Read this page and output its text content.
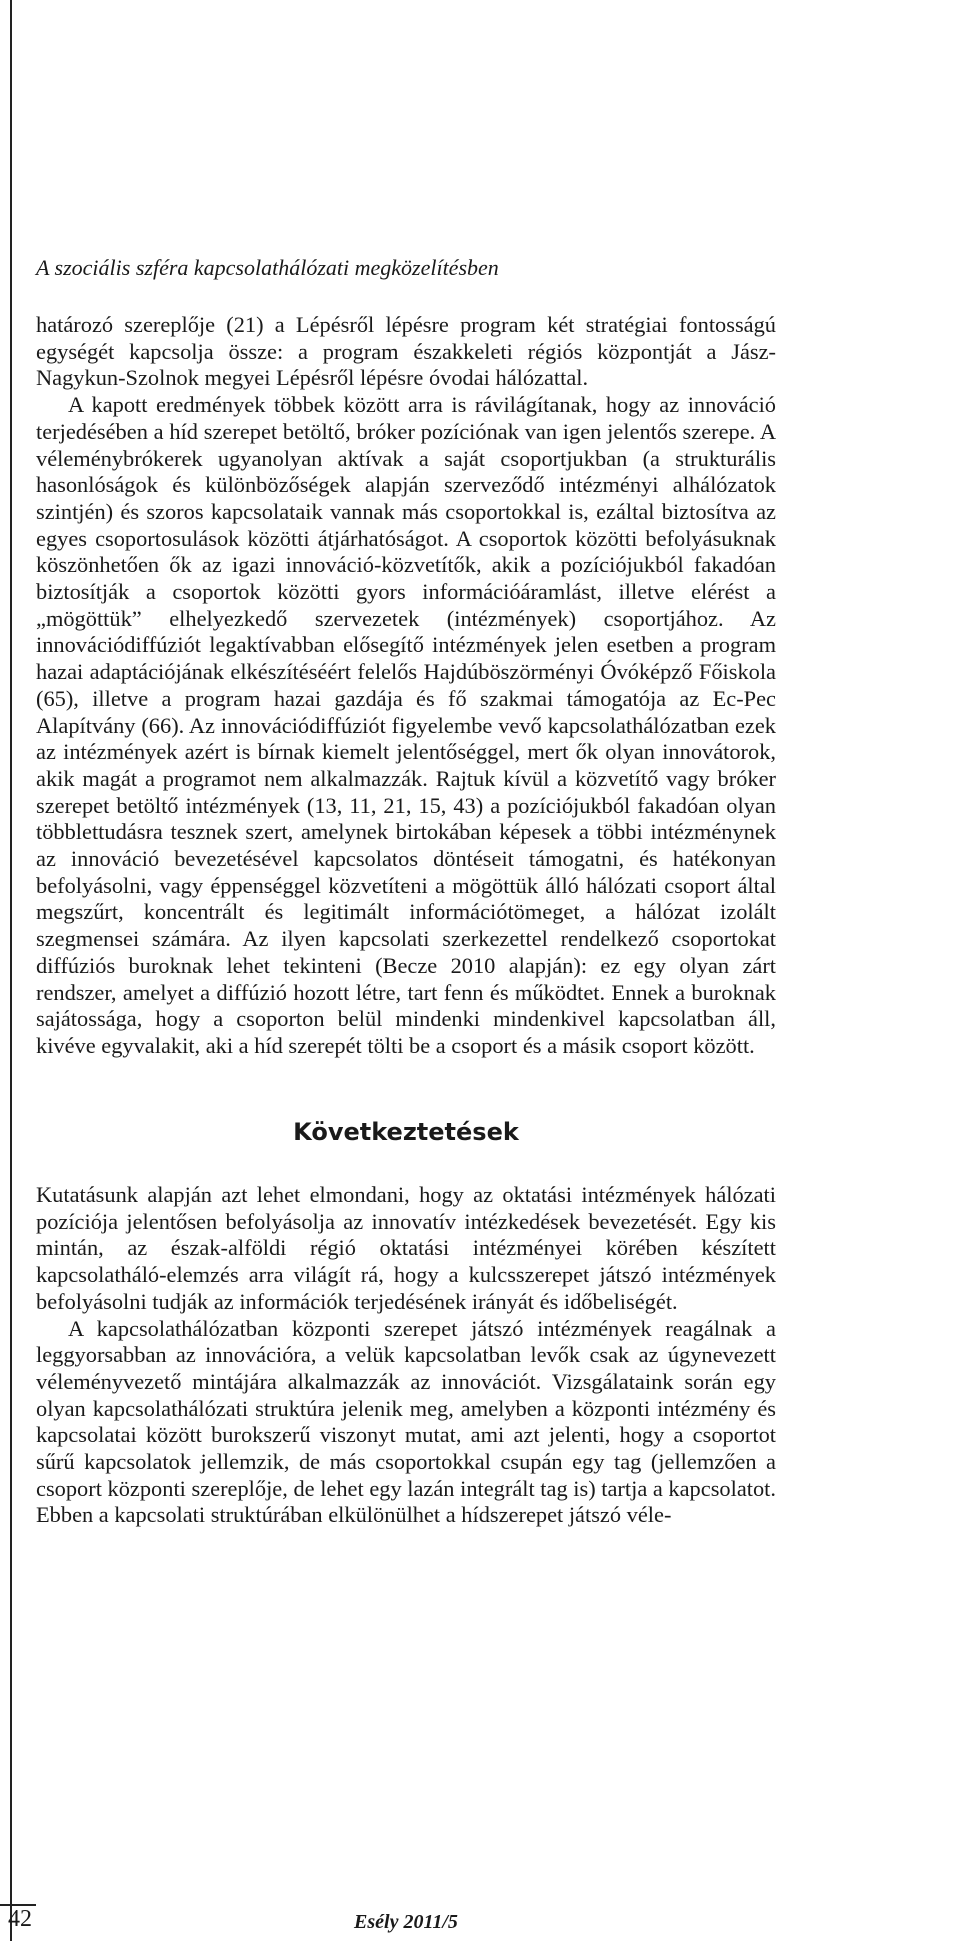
A szociális szféra kapcsolathálózati megközelítésben

határozó szereplője (21) a Lépésről lépésre program két stratégiai fontosságú egységét kapcsolja össze: a program északkeleti régiós központját a Jász-Nagykun-Szolnok megyei Lépésről lépésre óvodai hálózattal.

A kapott eredmények többek között arra is rávilágítanak, hogy az innováció terjedésében a híd szerepet betöltő, bróker pozíciónak van igen jelentős szerepe. A véleménybrókerek ugyanolyan aktívak a saját csoportjukban (a strukturális hasonlóságok és különbözőségek alapján szerveződő intézményi alhálózatok szintjén) és szoros kapcsolataik vannak más csoportokkal is, ezáltal biztosítva az egyes csoportosulások közötti átjárhatóságot. A csoportok közötti befolyásuknak köszönhetően ők az igazi innováció-közvetítők, akik a pozíciójukból fakadóan biztosítják a csoportok közötti gyors információáramlást, illetve elérést a „mögöttük” elhelyezkedő szervezetek (intézmények) csoportjához. Az innovációdiffúziót legaktívabban elősegítő intézmények jelen esetben a program hazai adaptációjának elkészítéséért felelős Hajdúböszörményi Óvóképző Főiskola (65), illetve a program hazai gazdája és fő szakmai támogatója az Ec-Pec Alapítvány (66). Az innovációdiffúziót figyelembe vevő kapcsolathálózatban ezek az intézmények azért is bírnak kiemelt jelentőséggel, mert ők olyan innovátorok, akik magát a programot nem alkalmazzák. Rajtuk kívül a közvetítő vagy bróker szerepet betöltő intézmények (13, 11, 21, 15, 43) a pozíciójukból fakadóan olyan többlettudásra tesznek szert, amelynek birtokában képesek a többi intézménynek az innováció bevezetésével kapcsolatos döntéseit támogatni, és hatékonyan befolyásolni, vagy éppenséggel közvetíteni a mögöttük álló hálózati csoport által megszűrt, koncentrált és legitimált információtömeget, a hálózat izolált szegmensei számára. Az ilyen kapcsolati szerkezettel rendelkező csoportokat diffúziós buroknak lehet tekinteni (Becze 2010 alapján): ez egy olyan zárt rendszer, amelyet a diffúzió hozott létre, tart fenn és működtet. Ennek a buroknak sajátossága, hogy a csoporton belül mindenki mindenkivel kapcsolatban áll, kivéve egyvalakit, aki a híd szerepét tölti be a csoport és a másik csoport között.

Következtetések

Kutatásunk alapján azt lehet elmondani, hogy az oktatási intézmények hálózati pozíciója jelentősen befolyásolja az innovatív intézkedések bevezetését. Egy kis mintán, az észak-alföldi régió oktatási intézményei körében készített kapcsolatháló-elemzés arra világít rá, hogy a kulcsszerepet játszó intézmények befolyásolni tudják az információk terjedésének irányát és időbeliségét.

A kapcsolathálózatban központi szerepet játszó intézmények reagálnak a leggyorsabban az innovációra, a velük kapcsolatban levők csak az úgynevezett véleményvezető mintájára alkalmazzák az innovációt. Vizsgálataink során egy olyan kapcsolathálózati struktúra jelenik meg, amelyben a központi intézmény és kapcsolatai között burokszerű viszonyt mutat, ami azt jelenti, hogy a csoportot sűrű kapcsolatok jellemzik, de más csoportokkal csupán egy tag (jellemzően a csoport központi szereplője, de lehet egy lazán integrált tag is) tartja a kapcsolatot. Ebben a kapcsolati struktúrában elkülönülhet a hídszerepet játszó véle-

42	Esély 2011/5
